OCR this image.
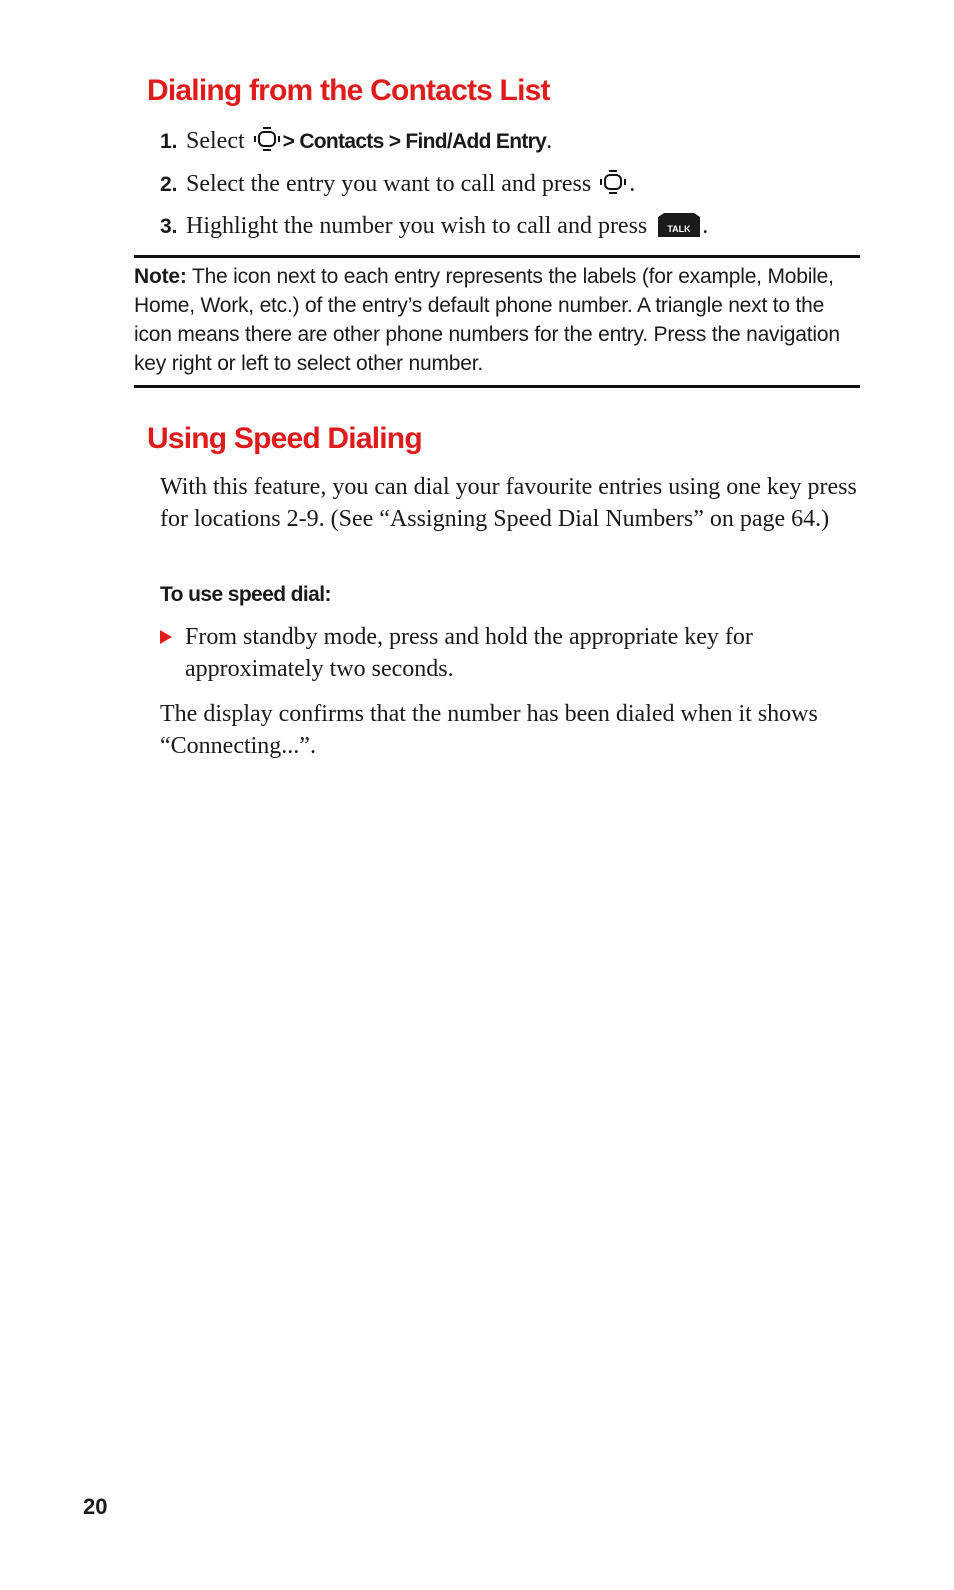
Dialing from the Contacts List
1. Select > Contacts > Find/Add Entry.
2. Select the entry you want to call and press .
3. Highlight the number you wish to call and press TALK .

Note: The icon next to each entry represents the labels (for example, Mobile, Home, Work, etc.) of the entry’s default phone number. A triangle next to the icon means there are other phone numbers for the entry. Press the navigation key right or left to select other number.

Using Speed Dialing

With this feature, you can dial your favourite entries using one key press for locations 2-9. (See “Assigning Speed Dial Numbers” on page 64.)

To use speed dial:

From standby mode, press and hold the appropriate key for approximately two seconds.

The display confirms that the number has been dialed when it shows “Connecting...”.

20
